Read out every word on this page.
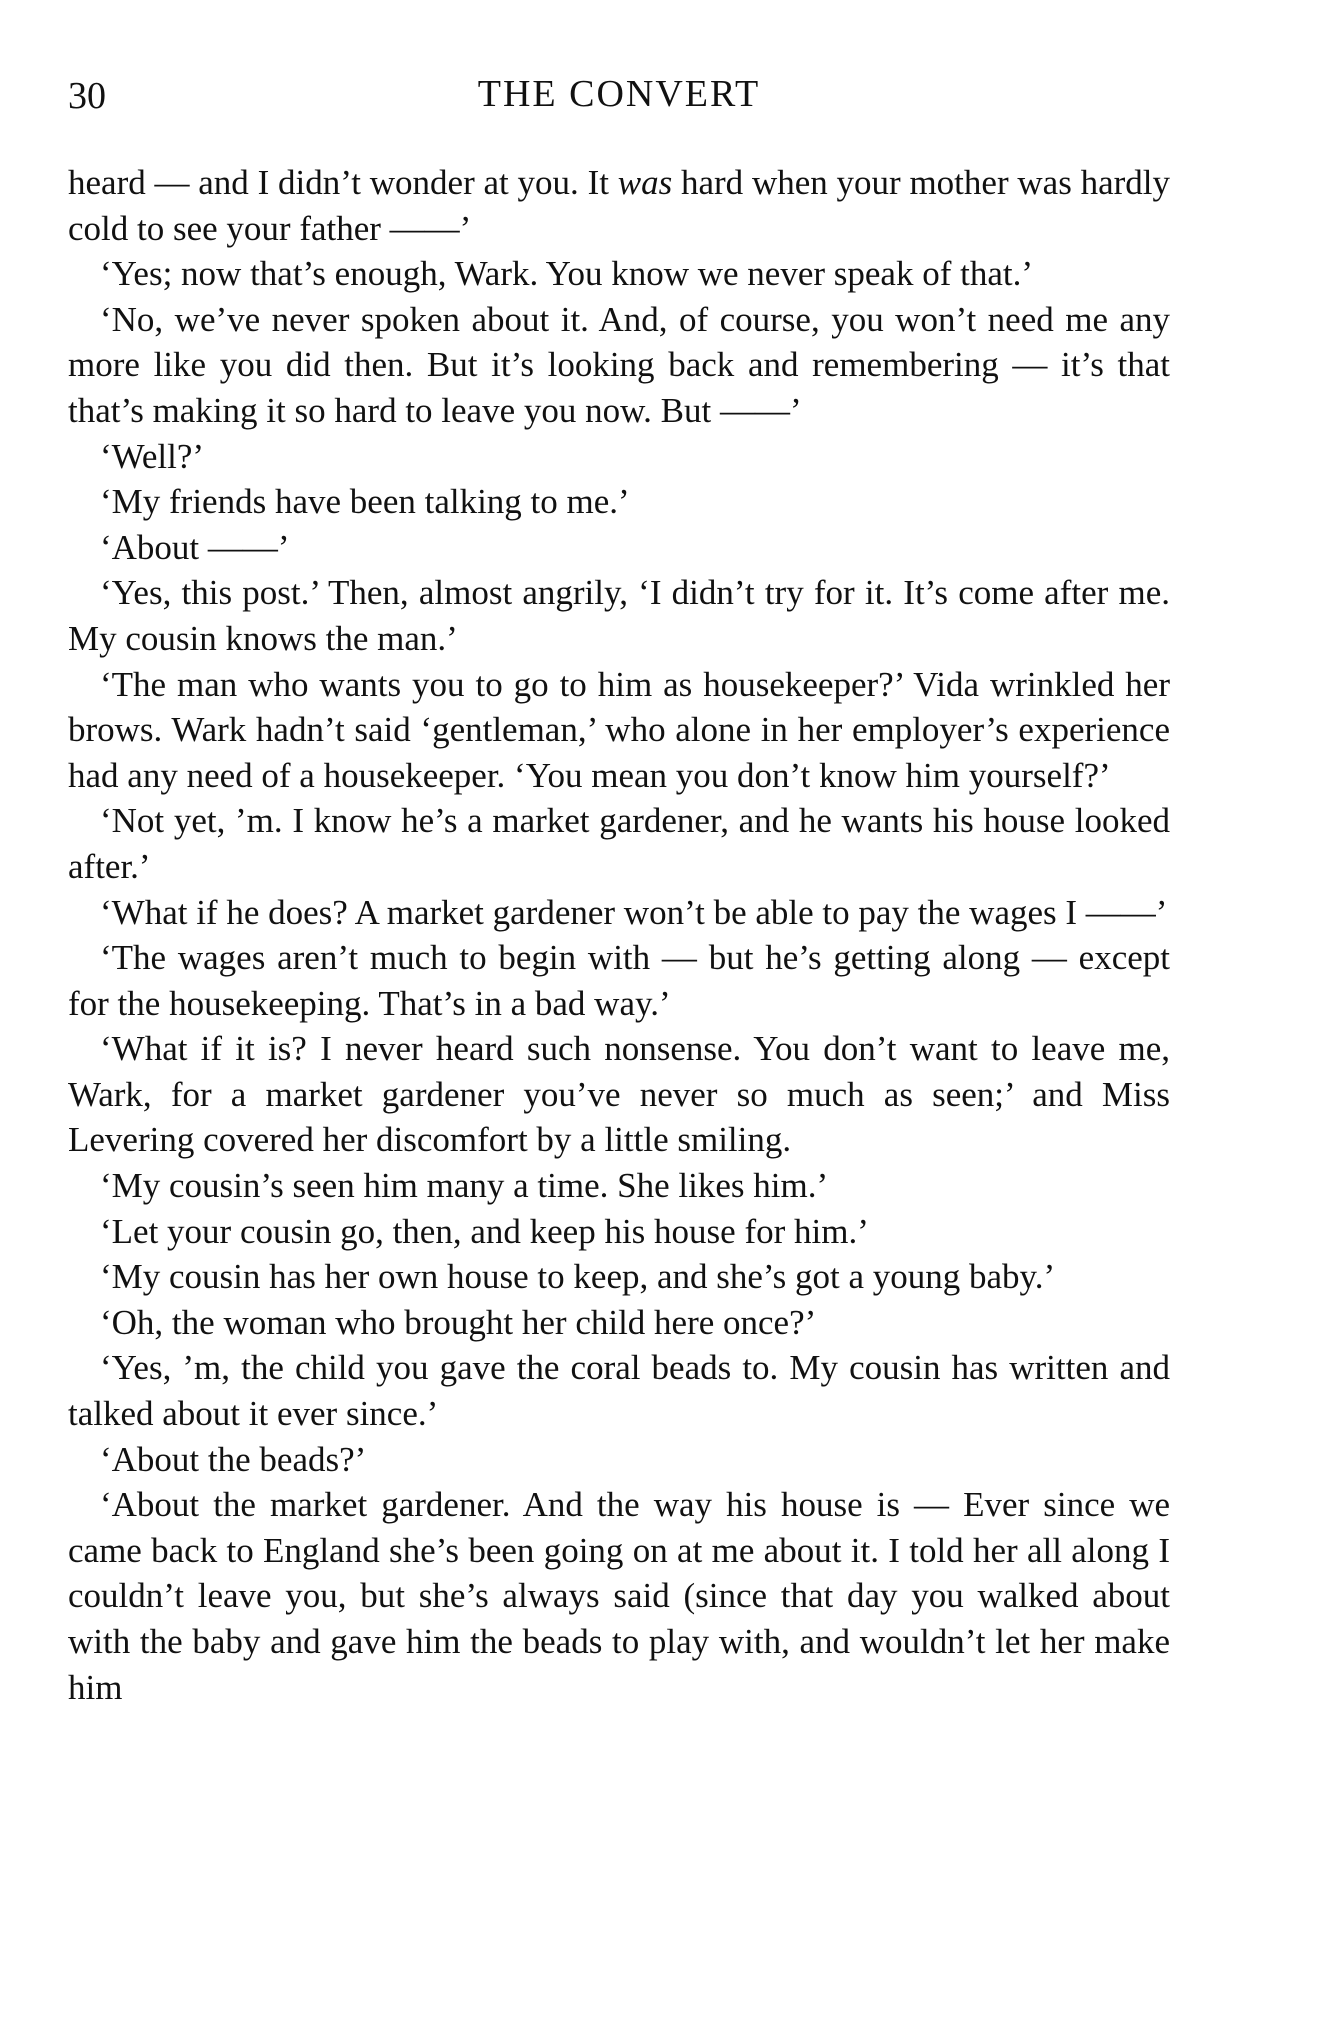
30	THE CONVERT

heard — and I didn’t wonder at you. It was hard when your mother was hardly cold to see your father ——’

‘Yes; now that’s enough, Wark. You know we never speak of that.’

‘No, we’ve never spoken about it. And, of course, you won’t need me any more like you did then. But it’s looking back and remembering — it’s that that’s making it so hard to leave you now. But ——’

‘Well?’

‘My friends have been talking to me.’

‘About ——’

‘Yes, this post.’ Then, almost angrily, ‘I didn’t try for it. It’s come after me. My cousin knows the man.’

‘The man who wants you to go to him as housekeeper?’ Vida wrinkled her brows. Wark hadn’t said ‘gentleman,’ who alone in her employer’s experience had any need of a housekeeper. ‘You mean you don’t know him yourself?’

‘Not yet, ’m. I know he’s a market gardener, and he wants his house looked after.’

‘What if he does? A market gardener won’t be able to pay the wages I ——’

‘The wages aren’t much to begin with — but he’s getting along — except for the housekeeping. That’s in a bad way.’

‘What if it is? I never heard such nonsense. You don’t want to leave me, Wark, for a market gardener you’ve never so much as seen;’ and Miss Levering covered her discomfort by a little smiling.

‘My cousin’s seen him many a time. She likes him.’

‘Let your cousin go, then, and keep his house for him.’

‘My cousin has her own house to keep, and she’s got a young baby.’

‘Oh, the woman who brought her child here once?’

‘Yes, ’m, the child you gave the coral beads to. My cousin has written and talked about it ever since.’

‘About the beads?’

‘About the market gardener. And the way his house is — Ever since we came back to England she’s been going on at me about it. I told her all along I couldn’t leave you, but she’s always said (since that day you walked about with the baby and gave him the beads to play with, and wouldn’t let her make him
